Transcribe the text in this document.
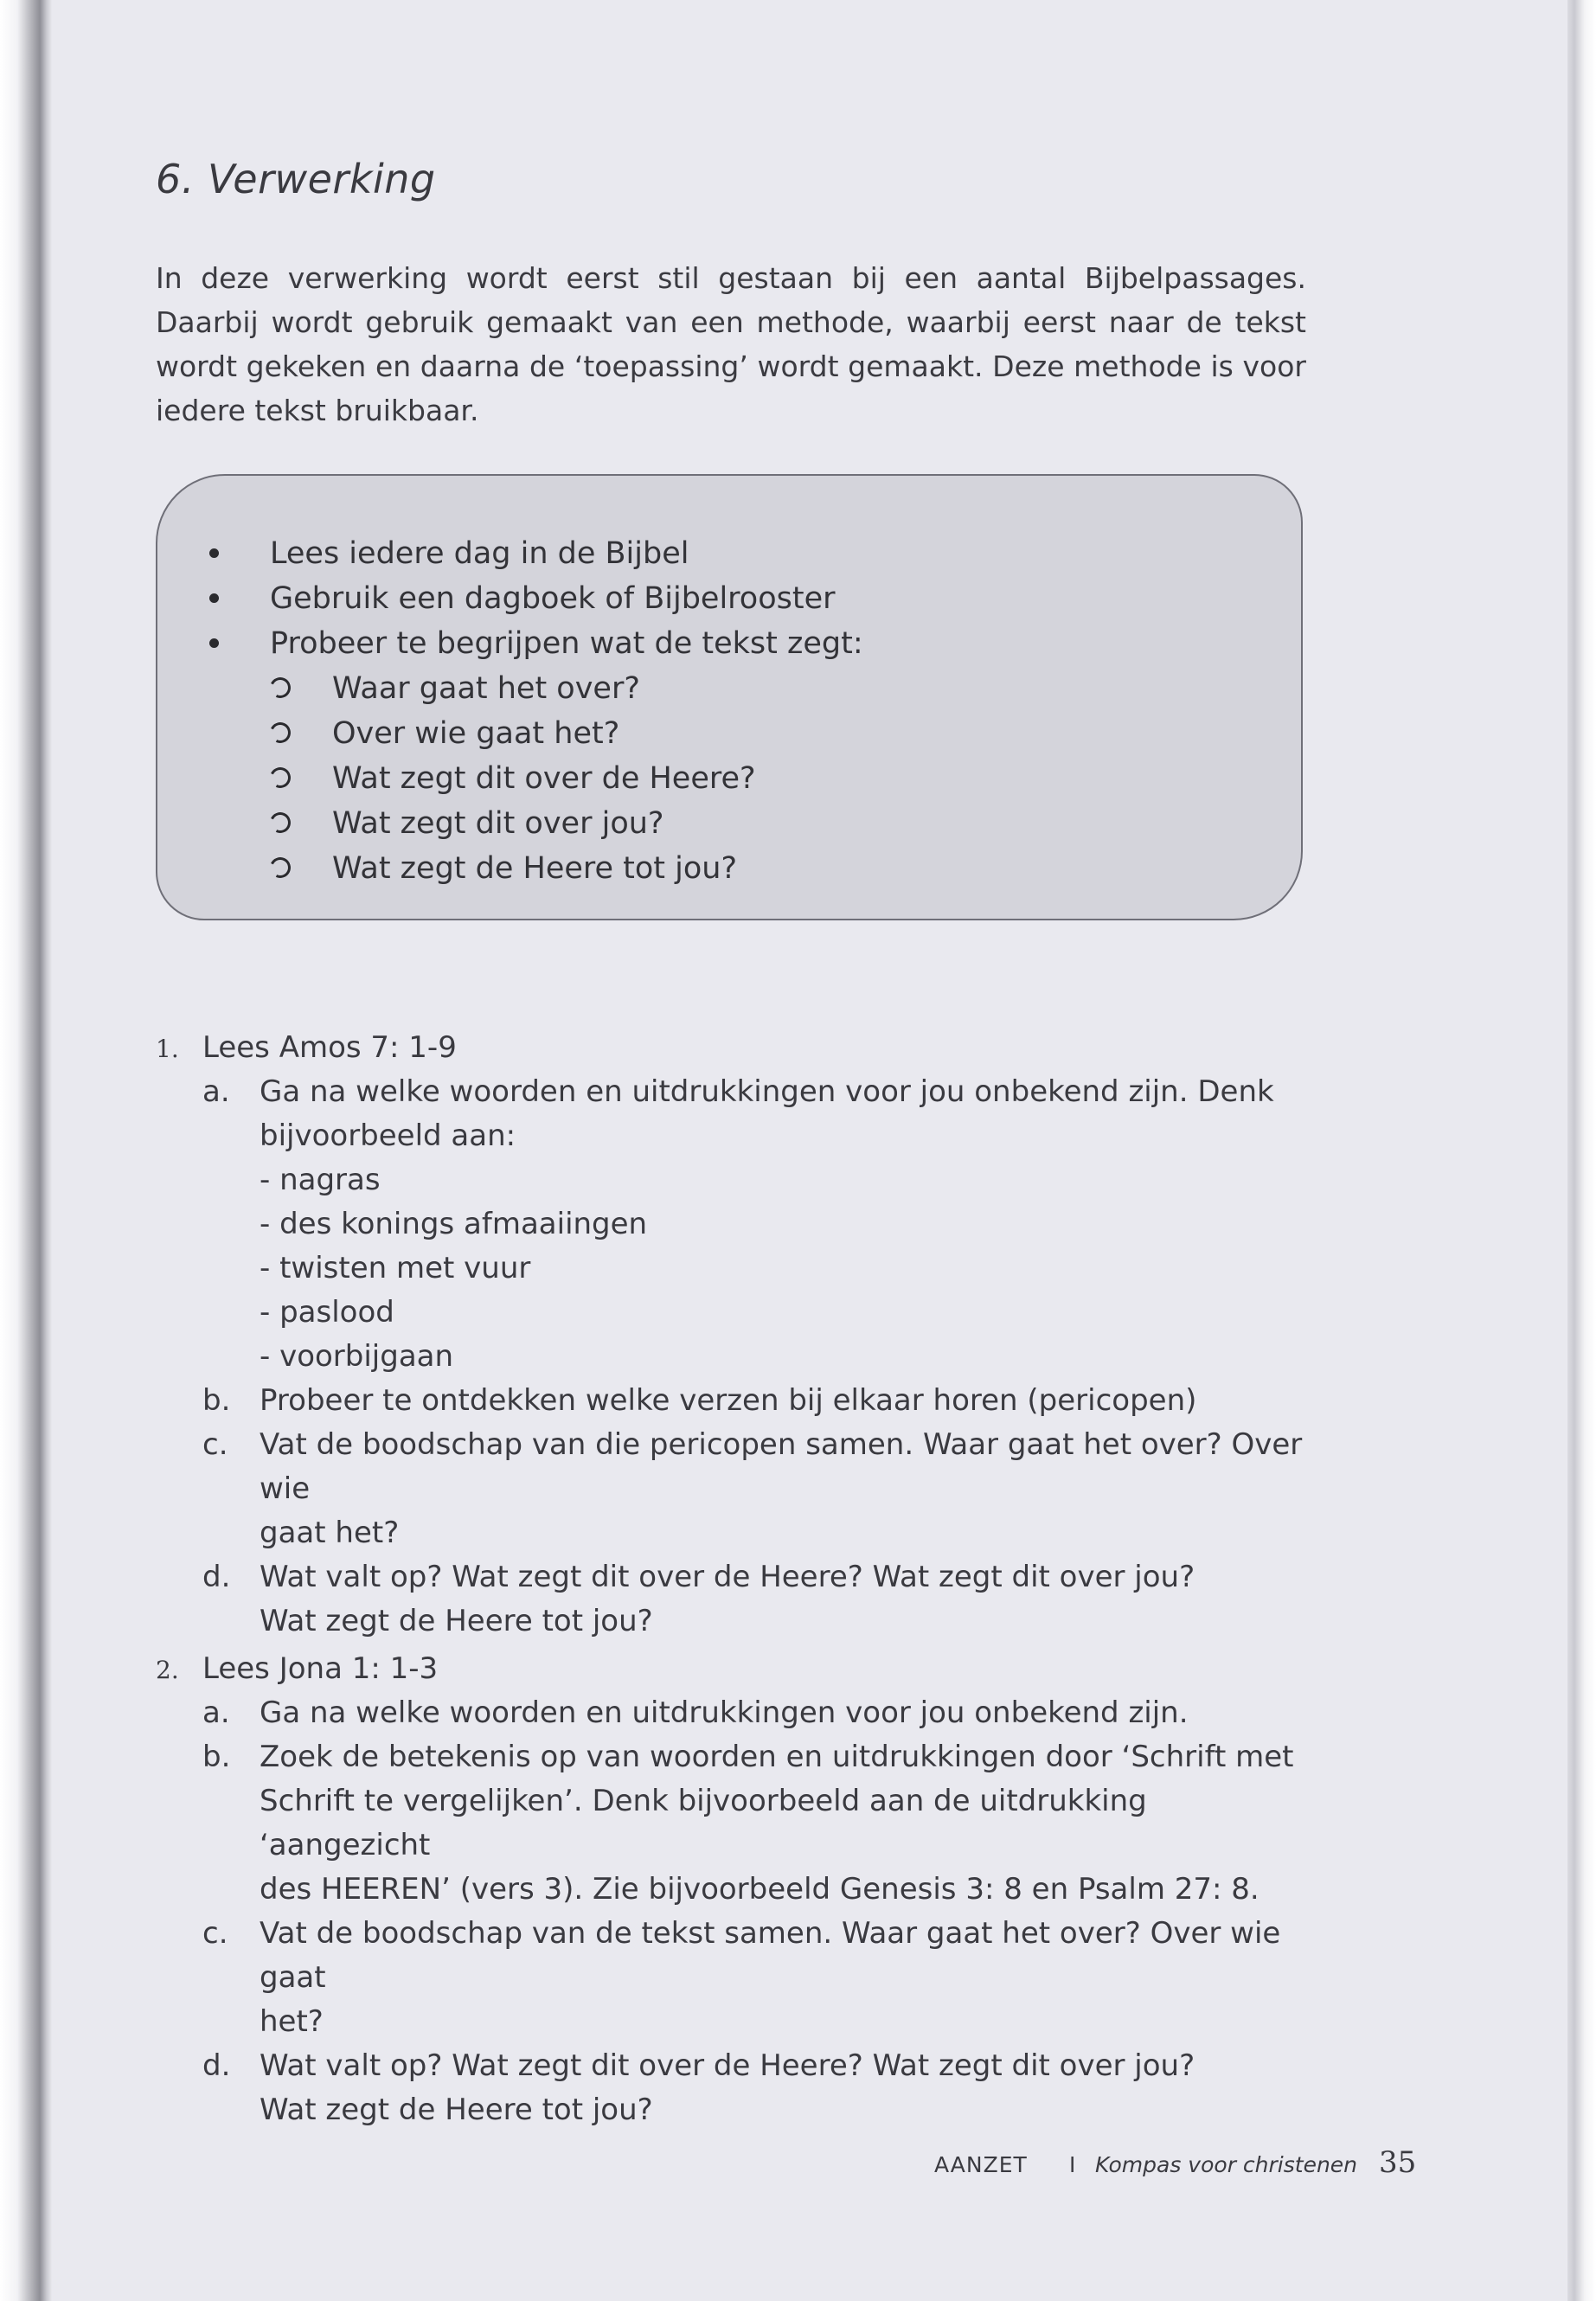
6. Verwerking

In deze verwerking wordt eerst stil gestaan bij een aantal Bijbelpassages. Daarbij wordt gebruik gemaakt van een methode, waarbij eerst naar de tekst wordt gekeken en daarna de ‘toepassing’ wordt gemaakt. Deze methode is voor iedere tekst bruikbaar.

Lees iedere dag in de Bijbel
Gebruik een dagboek of Bijbelrooster
Probeer te begrijpen wat de tekst zegt:
Waar gaat het over?
Over wie gaat het?
Wat zegt dit over de Heere?
Wat zegt dit over jou?
Wat zegt de Heere tot jou?
1. Lees Amos 7: 1-9
a. Ga na welke woorden en uitdrukkingen voor jou onbekend zijn. Denk
bijvoorbeeld aan:
- nagras
- des konings afmaaiingen
- twisten met vuur
- paslood
- voorbijgaan
b. Probeer te ontdekken welke verzen bij elkaar horen (pericopen)
c.	Vat de boodschap van die pericopen samen. Waar gaat het over? Over wie
gaat het?
d. Wat valt op? Wat zegt dit over de Heere? Wat zegt dit over jou?
Wat zegt de Heere tot jou?
2. Lees Jona 1: 1-3
a. Ga na welke woorden en uitdrukkingen voor jou onbekend zijn.
b. Zoek de betekenis op van woorden en uitdrukkingen door ‘Schrift met
Schrift te vergelijken’. Denk bijvoorbeeld aan de uitdrukking ‘aangezicht
des HEEREN’ (vers 3). Zie bijvoorbeeld Genesis 3: 8 en Psalm 27: 8.
c.	Vat de boodschap van de tekst samen. Waar gaat het over? Over wie gaat
het?
d. Wat valt op? Wat zegt dit over de Heere? Wat zegt dit over jou?
Wat zegt de Heere tot jou?
AANZET I Kompas voor christenen 35
